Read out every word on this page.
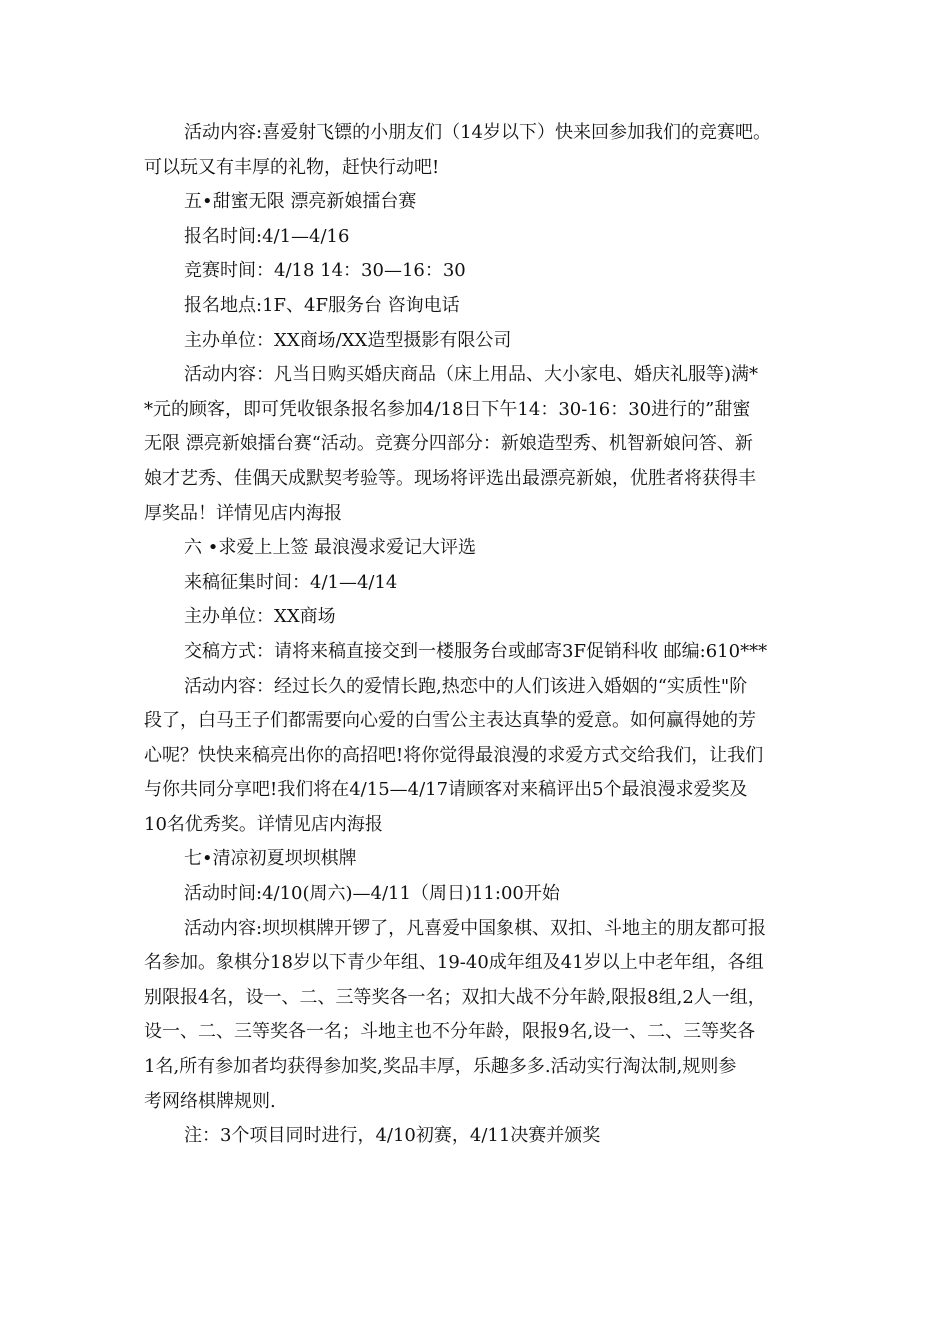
活动内容:喜爱射飞镖的小朋友们（14岁以下）快来回参加我们的竞赛吧。
可以玩又有丰厚的礼物，赶快行动吧!
五•甜蜜无限 漂亮新娘擂台赛
报名时间:4/1—4/16
竞赛时间：4/18 14：30—16：30
报名地点:1F、4F服务台 咨询电话
主办单位：XX商场/XX造型摄影有限公司
活动内容：凡当日购买婚庆商品（床上用品、大小家电、婚庆礼服等)满*
*元的顾客，即可凭收银条报名参加4/18日下午14：30-16：30进行的”甜蜜
无限 漂亮新娘擂台赛“活动。竞赛分四部分：新娘造型秀、机智新娘问答、新
娘才艺秀、佳偶天成默契考验等。现场将评选出最漂亮新娘，优胜者将获得丰
厚奖品！详情见店内海报
六 •求爱上上签 最浪漫求爱记大评选
来稿征集时间：4/1—4/14
主办单位：XX商场
交稿方式：请将来稿直接交到一楼服务台或邮寄3F促销科收 邮编:610***
活动内容：经过长久的爱情长跑,热恋中的人们该进入婚姻的“实质性"阶
段了，白马王子们都需要向心爱的白雪公主表达真挚的爱意。如何赢得她的芳
心呢？快快来稿亮出你的高招吧!将你觉得最浪漫的求爱方式交给我们，让我们
与你共同分享吧!我们将在4/15—4/17请顾客对来稿评出5个最浪漫求爱奖及
10名优秀奖。详情见店内海报
七•清凉初夏坝坝棋牌
活动时间:4/10(周六)—4/11（周日)11:00开始
活动内容:坝坝棋牌开锣了，凡喜爱中国象棋、双扣、斗地主的朋友都可报
名参加。象棋分18岁以下青少年组、19-40成年组及41岁以上中老年组，各组
别限报4名，设一、二、三等奖各一名；双扣大战不分年龄,限报8组,2人一组，
设一、二、三等奖各一名；斗地主也不分年龄，限报9名,设一、二、三等奖各
1名,所有参加者均获得参加奖,奖品丰厚，乐趣多多.活动实行淘汰制,规则参
考网络棋牌规则.
注：3个项目同时进行，4/10初赛，4/11决赛并颁奖
